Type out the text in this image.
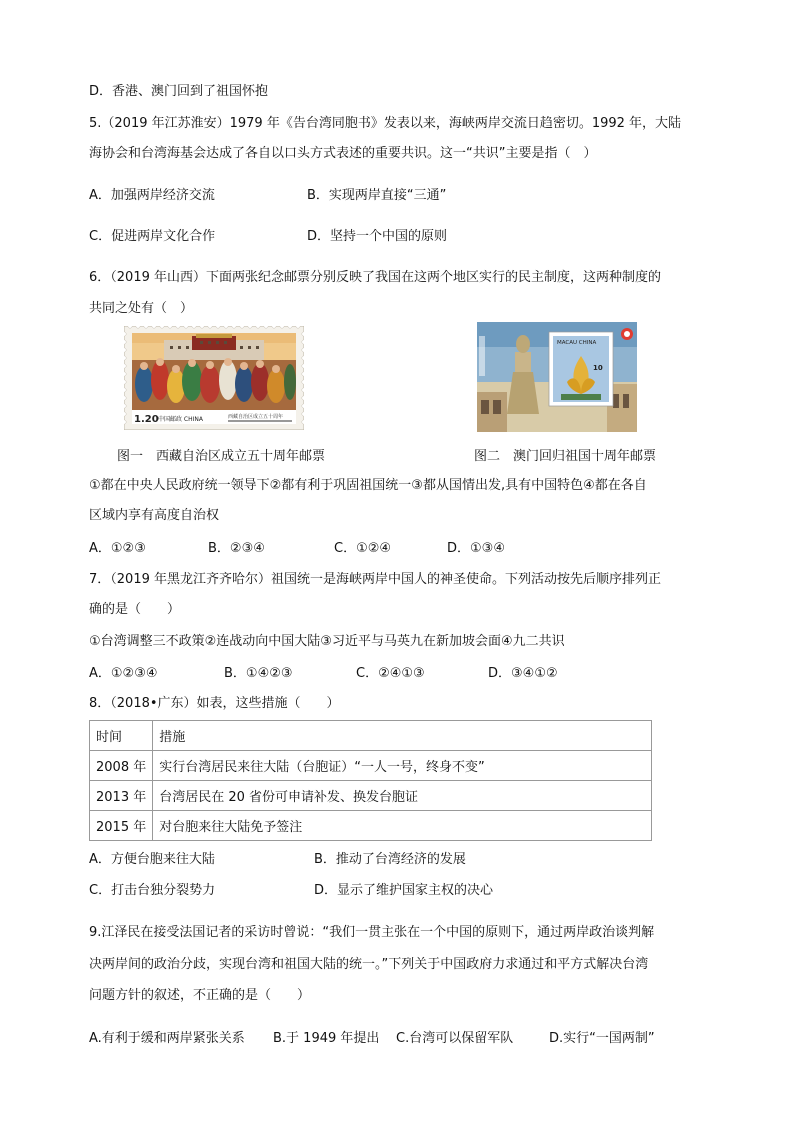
D．香港、澳门回到了祖国怀抱
5.（2019 年江苏淮安）1979 年《告台湾同胞书》发表以来，海峡两岸交流日趋密切。1992 年，大陆
海协会和台湾海基会达成了各自以口头方式表述的重要共识。这一“共识”主要是指（　）
A．加强两岸经济交流	B．实现两岸直接“三通”
C．促进两岸文化合作	D．坚持一个中国的原则
6．（2019 年山西）下面两张纪念邮票分别反映了我国在这两个地区实行的民主制度，这两种制度的
共同之处有（　）
1.20 中国邮政 CHINA	西藏自治区成立五十周年
MACAU CHINA
10
图一　西藏自治区成立五十周年邮票	图二　澳门回归祖国十周年邮票
①都在中央人民政府统一领导下②都有利于巩固祖国统一③都从国情出发,具有中国特色④都在各自
区域内享有高度自治权
A．①②③	B．②③④	C．①②④	D．①③④
7．（2019 年黑龙江齐齐哈尔）祖国统一是海峡两岸中国人的神圣使命。下列活动按先后顺序排列正
确的是（　　）
①台湾调整三不政策②连战动向中国大陆③习近平与马英九在新加坡会面④九二共识
A．①②③④	B．①④②③	C．②④①③	D．③④①②
8．（2018•广东）如表，这些措施（　　）
时间	措施
2008 年	实行台湾居民来往大陆（台胞证）“一人一号，终身不变”
2013 年	台湾居民在 20 省份可申请补发、换发台胞证
2015 年	对台胞来往大陆免予签注
A．方便台胞来往大陆	B．推动了台湾经济的发展
C．打击台独分裂势力	D．显示了维护国家主权的决心
9.江泽民在接受法国记者的采访时曾说：“我们一贯主张在一个中国的原则下，通过两岸政治谈判解
决两岸间的政治分歧，实现台湾和祖国大陆的统一。”下列关于中国政府力求通过和平方式解决台湾
问题方针的叙述，不正确的是（　　）
A.有利于缓和两岸紧张关系 B.于 1949 年提出 C.台湾可以保留军队	D.实行“一国两制”
